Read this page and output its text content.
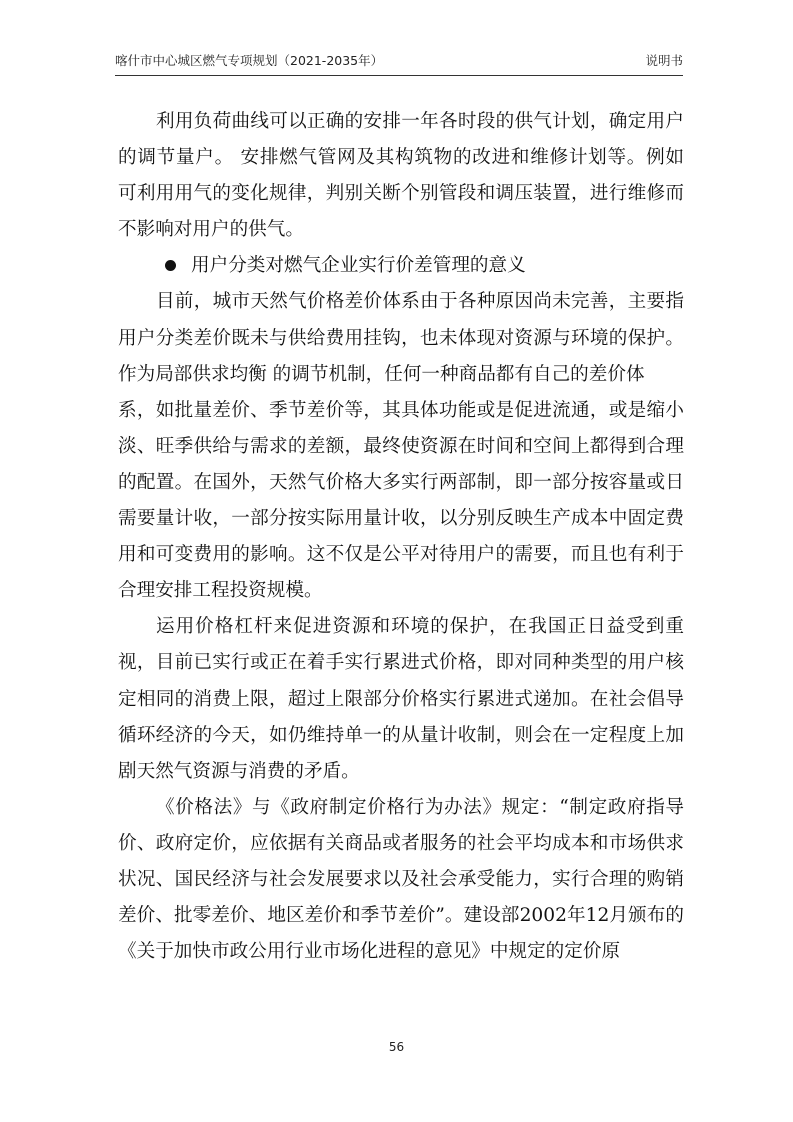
喀什市中心城区燃气专项规划（2021-2035年）	说明书
利用负荷曲线可以正确的安排一年各时段的供气计划，确定用户
的调节量户。 安排燃气管网及其构筑物的改进和维修计划等。例如
可利用用气的变化规律，判别关断个别管段和调压装置，进行维修而
不影响对用户的供气。
用户分类对燃气企业实行价差管理的意义
目前，城市天然气价格差价体系由于各种原因尚未完善，主要指
用户分类差价既未与供给费用挂钩，也未体现对资源与环境的保护。
作为局部供求均衡 的调节机制，任何一种商品都有自己的差价体
系，如批量差价、季节差价等，其具体功能或是促进流通，或是缩小
淡、旺季供给与需求的差额，最终使资源在时间和空间上都得到合理
的配置。在国外，天然气价格大多实行两部制，即一部分按容量或日
需要量计收，一部分按实际用量计收，以分别反映生产成本中固定费
用和可变费用的影响。这不仅是公平对待用户的需要，而且也有利于
合理安排工程投资规模。
运用价格杠杆来促进资源和环境的保护，在我国正日益受到重
视，目前已实行或正在着手实行累进式价格，即对同种类型的用户核
定相同的消费上限，超过上限部分价格实行累进式递加。在社会倡导
循环经济的今天，如仍维持单一的从量计收制，则会在一定程度上加
剧天然气资源与消费的矛盾。
《价格法》与《政府制定价格行为办法》规定：“制定政府指导
价、政府定价，应依据有关商品或者服务的社会平均成本和市场供求
状况、国民经济与社会发展要求以及社会承受能力，实行合理的购销
差价、批零差价、地区差价和季节差价”。建设部2002年12月颁布的
《关于加快市政公用行业市场化进程的意见》中规定的定价原
56
